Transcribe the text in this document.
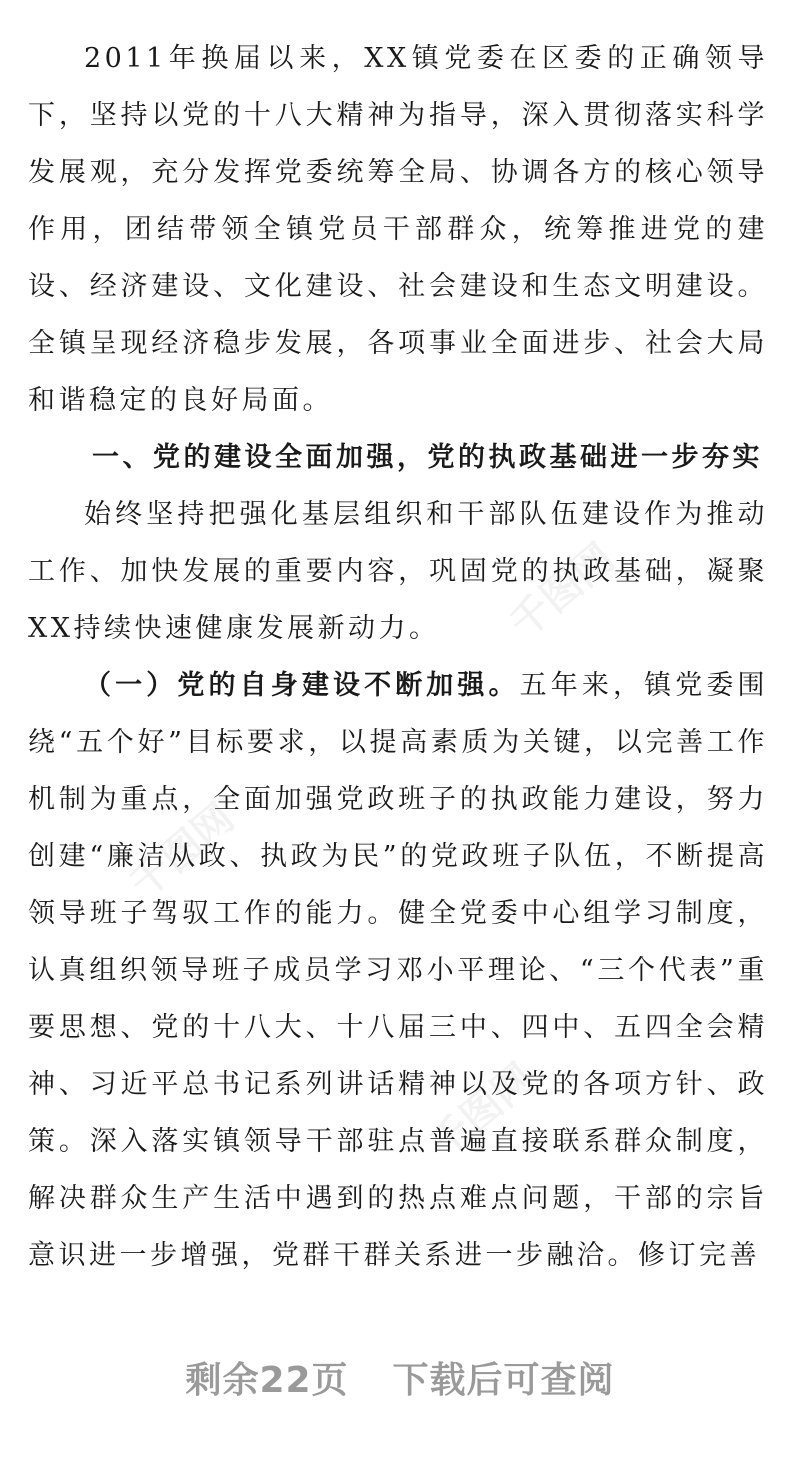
千图网
千图网
千图网

2011年换届以来，XX镇党委在区委的正确领导下，坚持以党的十八大精神为指导，深入贯彻落实科学发展观，充分发挥党委统筹全局、协调各方的核心领导作用，团结带领全镇党员干部群众，统筹推进党的建设、经济建设、文化建设、社会建设和生态文明建设。全镇呈现经济稳步发展，各项事业全面进步、社会大局和谐稳定的良好局面。

一、党的建设全面加强，党的执政基础进一步夯实

始终坚持把强化基层组织和干部队伍建设作为推动工作、加快发展的重要内容，巩固党的执政基础，凝聚XX持续快速健康发展新动力。

（一）党的自身建设不断加强。五年来，镇党委围绕“五个好”目标要求，以提高素质为关键，以完善工作机制为重点，全面加强党政班子的执政能力建设，努力创建“廉洁从政、执政为民”的党政班子队伍，不断提高领导班子驾驭工作的能力。健全党委中心组学习制度，认真组织领导班子成员学习邓小平理论、“三个代表”重要思想、党的十八大、十八届三中、四中、五四全会精神、习近平总书记系列讲话精神以及党的各项方针、政策。深入落实镇领导干部驻点普遍直接联系群众制度，解决群众生产生活中遇到的热点难点问题，干部的宗旨意识进一步增强，党群干群关系进一步融洽。修订完善

剩余22页 下载后可查阅
